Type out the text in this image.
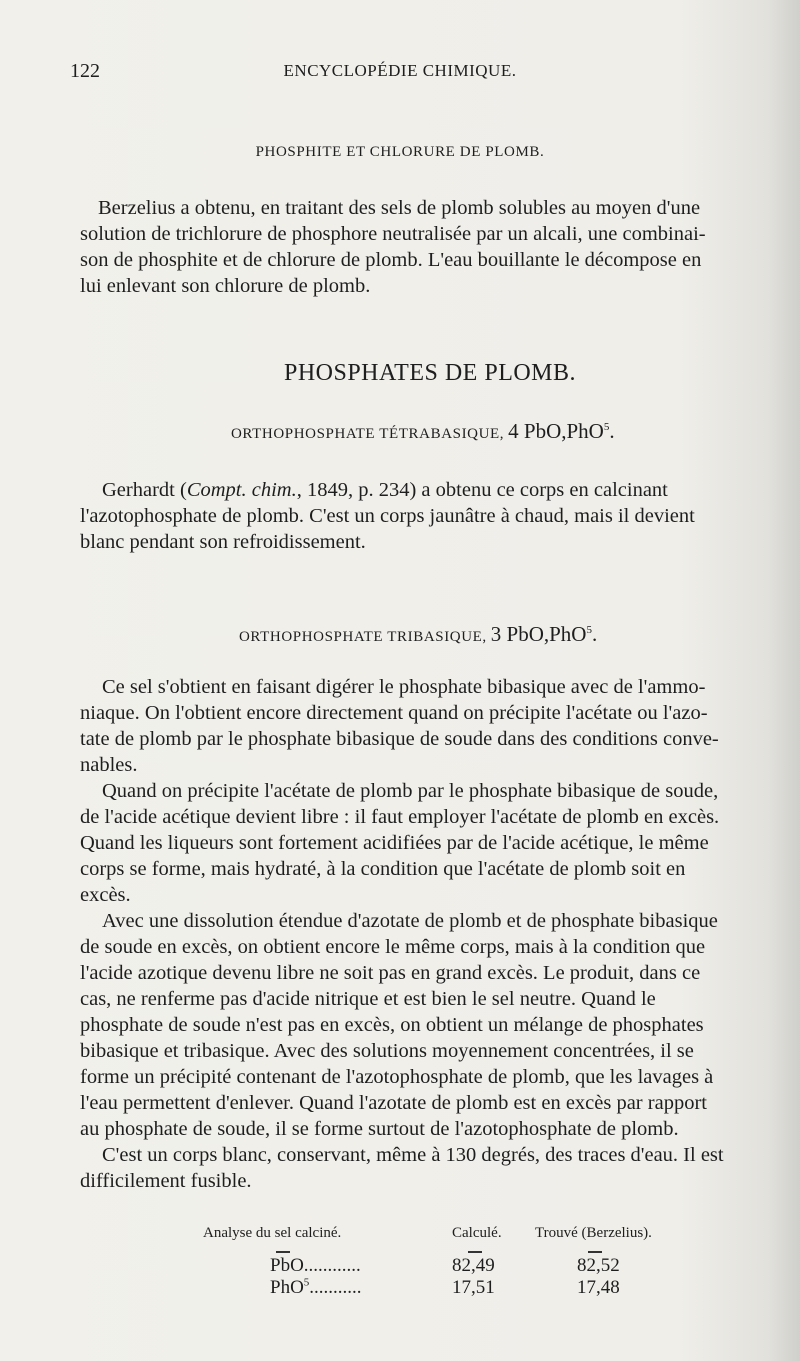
122	ENCYCLOPÉDIE CHIMIQUE.
PHOSPHITE ET CHLORURE DE PLOMB.
Berzelius a obtenu, en traitant des sels de plomb solubles au moyen d'une
solution de trichlorure de phosphore neutralisée par un alcali, une combinai-
son de phosphite et de chlorure de plomb. L'eau bouillante le décompose en
lui enlevant son chlorure de plomb.
PHOSPHATES DE PLOMB.
ORTHOPHOSPHATE TÉTRABASIQUE, 4 PbO,PhO$^5$.
Gerhardt (Compt. chim., 1849, p. 234) a obtenu ce corps en calcinant
l'azotophosphate de plomb. C'est un corps jaunâtre à chaud, mais il devient
blanc pendant son refroidissement.
ORTHOPHOSPHATE TRIBASIQUE, 3 PbO,PhO$^5$.
Ce sel s'obtient en faisant digérer le phosphate bibasique avec de l'ammo-
niaque. On l'obtient encore directement quand on précipite l'acétate ou l'azo-
tate de plomb par le phosphate bibasique de soude dans des conditions conve-
nables.
Quand on précipite l'acétate de plomb par le phosphate bibasique de soude,
de l'acide acétique devient libre : il faut employer l'acétate de plomb en excès.
Quand les liqueurs sont fortement acidifiées par de l'acide acétique, le même
corps se forme, mais hydraté, à la condition que l'acétate de plomb soit en
excès.
Avec une dissolution étendue d'azotate de plomb et de phosphate bibasique
de soude en excès, on obtient encore le même corps, mais à la condition que
l'acide azotique devenu libre ne soit pas en grand excès. Le produit, dans ce
cas, ne renferme pas d'acide nitrique et est bien le sel neutre. Quand le
phosphate de soude n'est pas en excès, on obtient un mélange de phosphates
bibasique et tribasique. Avec des solutions moyennement concentrées, il se
forme un précipité contenant de l'azotophosphate de plomb, que les lavages à
l'eau permettent d'enlever. Quand l'azotate de plomb est en excès par rapport
au phosphate de soude, il se forme surtout de l'azotophosphate de plomb.
C'est un corps blanc, conservant, même à 130 degrés, des traces d'eau. Il est
difficilement fusible.
Analyse du sel calciné.	Calculé. Trouvé (Berzelius).
PbO............	82,49	82,52
PhO$^5$...........	17,51	17,48
